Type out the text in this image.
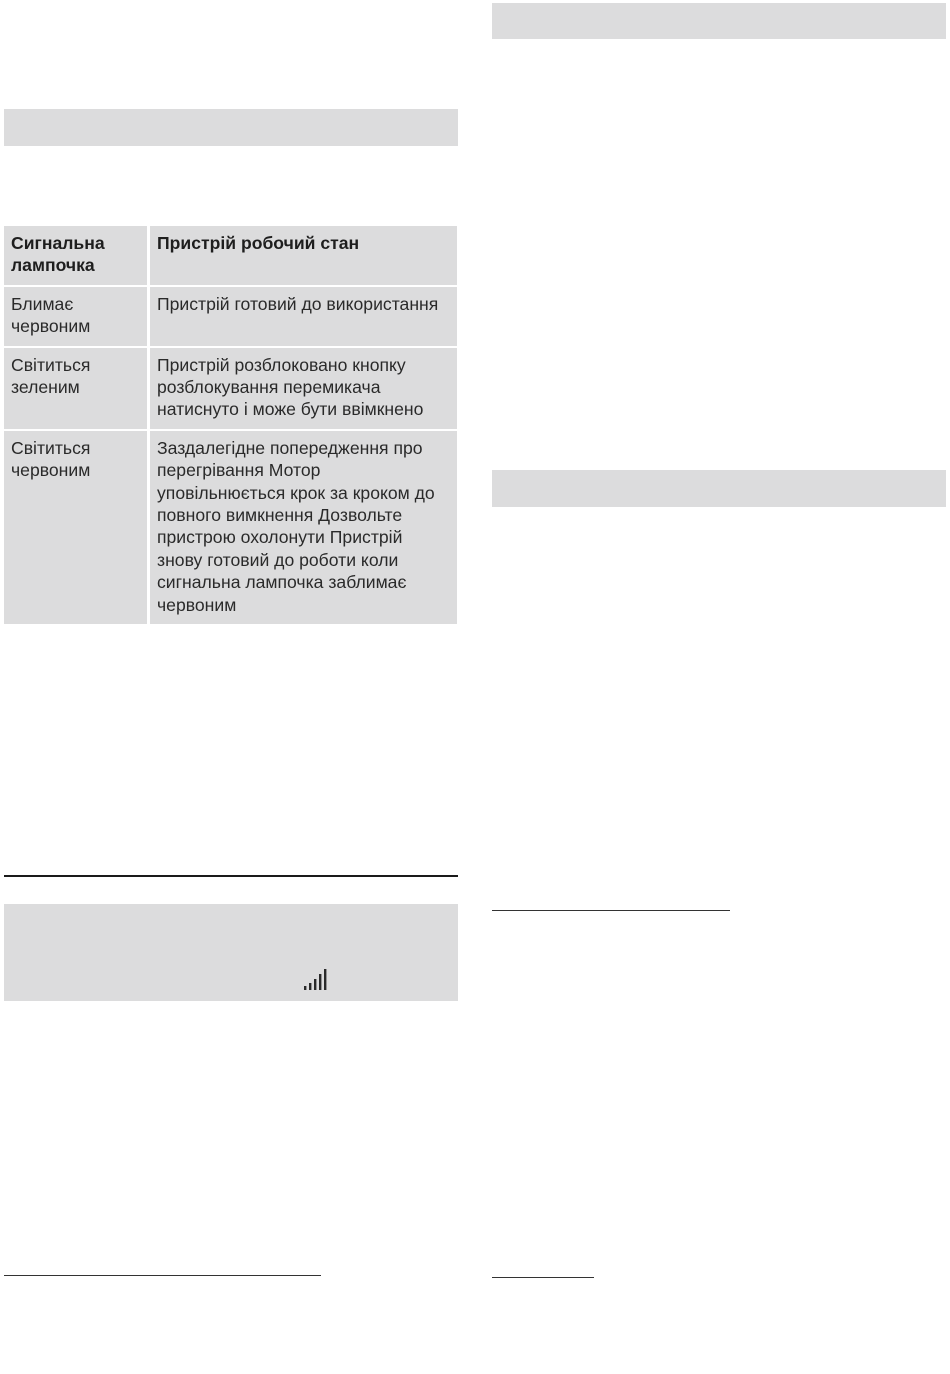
Сигнальна лампочка	Пристрій робочий стан
Блимає червоним	Пристрій готовий до використання
Світиться зеленим	Пристрій розблоковано кнопку розблокування перемикача натиснуто і може бути ввімкнено
Світиться червоним	Заздалегідне попередження про перегрівання Мотор уповільнюється крок за кроком до повного вимкнення Дозвольте пристрою охолонути Пристрій знову готовий до роботи коли сигнальна лампочка заблимає червоним
